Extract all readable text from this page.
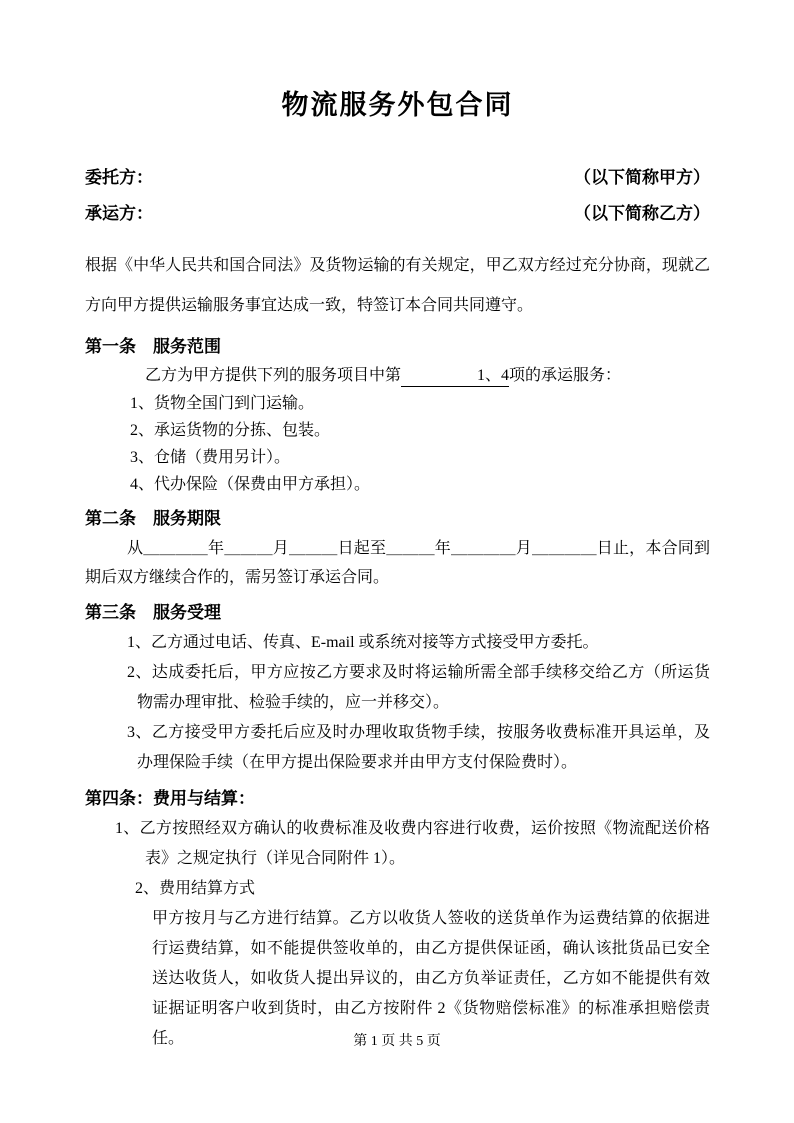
物流服务外包合同
委托方：	（以下简称甲方）
承运方：	（以下简称乙方）

根据《中华人民共和国合同法》及货物运输的有关规定，甲乙双方经过充分协商，现就乙方向甲方提供运输服务事宜达成一致，特签订本合同共同遵守。

第一条　服务范围

乙方为甲方提供下列的服务项目中第	　1、4项的承运服务：

1、货物全国门到门运输。

2、承运货物的分拣、包装。

3、仓储（费用另计）。

4、代办保险（保费由甲方承担）。

第二条　服务期限

从＿＿＿＿年＿＿＿月＿＿＿日起至＿＿＿年＿＿＿＿月＿＿＿＿日止，本合同到期后双方继续合作的，需另签订承运合同。

第三条　服务受理

1、乙方通过电话、传真、E-mail 或系统对接等方式接受甲方委托。

2、达成委托后，甲方应按乙方要求及时将运输所需全部手续移交给乙方（所运货物需办理审批、检验手续的，应一并移交）。

3、乙方接受甲方委托后应及时办理收取货物手续，按服务收费标准开具运单，及办理保险手续（在甲方提出保险要求并由甲方支付保险费时）。

第四条：费用与结算：

1、乙方按照经双方确认的收费标准及收费内容进行收费，运价按照《物流配送价格表》之规定执行（详见合同附件 1）。

2、费用结算方式

甲方按月与乙方进行结算。乙方以收货人签收的送货单作为运费结算的依据进行运费结算，如不能提供签收单的，由乙方提供保证函，确认该批货品已安全送达收货人，如收货人提出异议的，由乙方负举证责任，乙方如不能提供有效证据证明客户收到货时，由乙方按附件 2《货物赔偿标准》的标准承担赔偿责任。	第 1 页 共 5 页
